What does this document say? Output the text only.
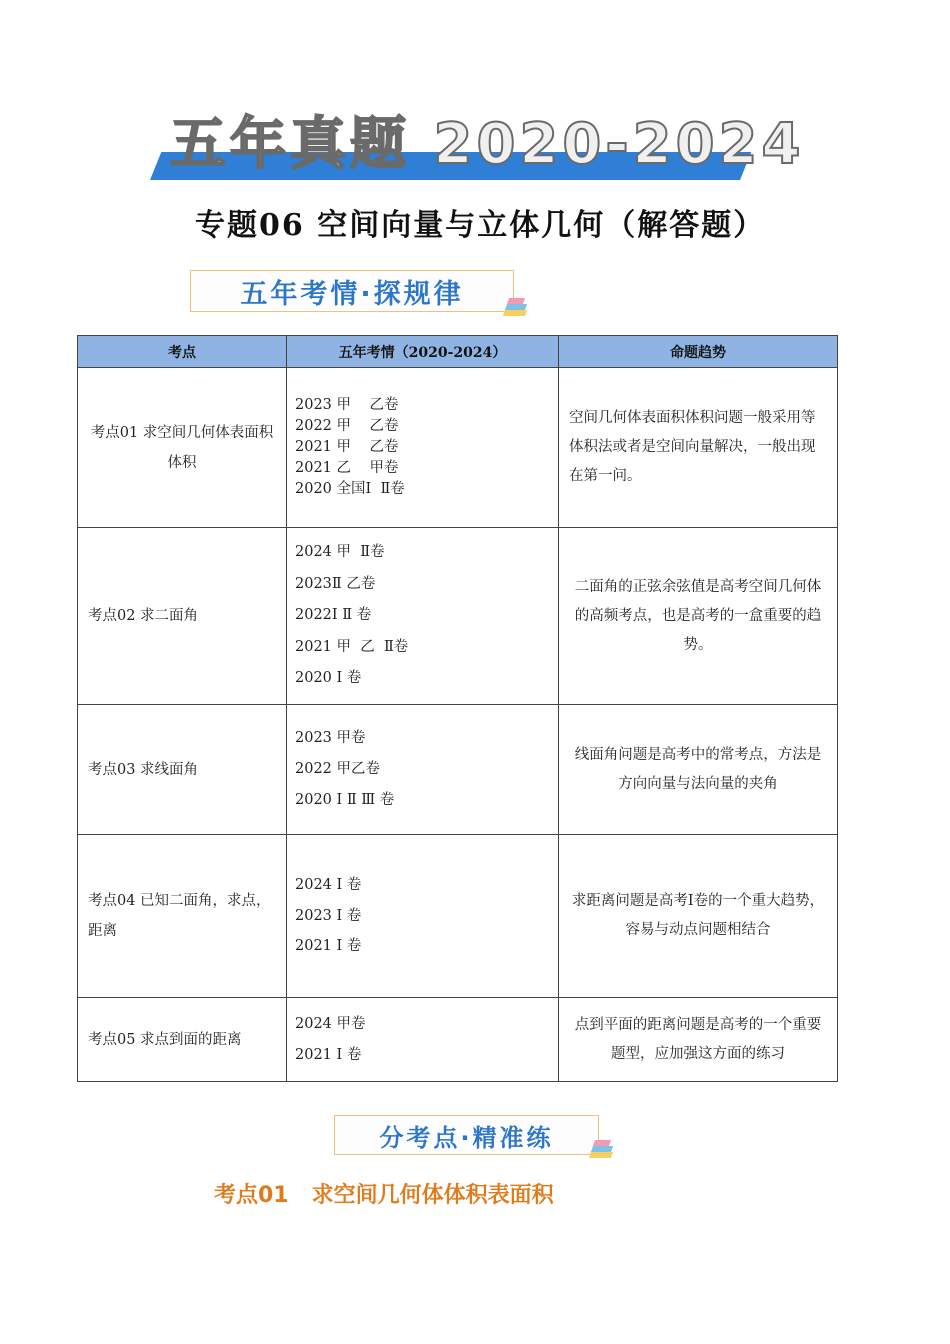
五年真题 2020-2024
专题06 空间向量与立体几何（解答题）
五年考情·探规律
考点	五年考情（2020-2024）	命题趋势
考点01 求空间几何体表面积体积	2023 甲    乙卷
2022 甲    乙卷
2021 甲    乙卷
2021 乙    甲卷
2020 全国Ⅰ  Ⅱ卷	空间几何体表面积体积问题一般采用等体积法或者是空间向量解决，一般出现在第一问。
考点02 求二面角	2024 甲  Ⅱ卷
2023Ⅱ 乙卷
2022Ⅰ Ⅱ 卷
2021 甲  乙  Ⅱ卷
2020 Ⅰ 卷	二面角的正弦余弦值是高考空间几何体的高频考点，也是高考的一盒重要的趋势。
考点03 求线面角	2023 甲卷
2022 甲乙卷
2020 Ⅰ Ⅱ Ⅲ 卷	线面角问题是高考中的常考点，方法是方向向量与法向量的夹角
考点04 已知二面角，求点，距离	2024 Ⅰ 卷
2023 Ⅰ 卷
2021 Ⅰ 卷	求距离问题是高考Ⅰ卷的一个重大趋势，容易与动点问题相结合
考点05 求点到面的距离	2024 甲卷
2021 Ⅰ 卷	点到平面的距离问题是高考的一个重要题型，应加强这方面的练习
分考点·精准练
考点01   求空间几何体体积表面积
